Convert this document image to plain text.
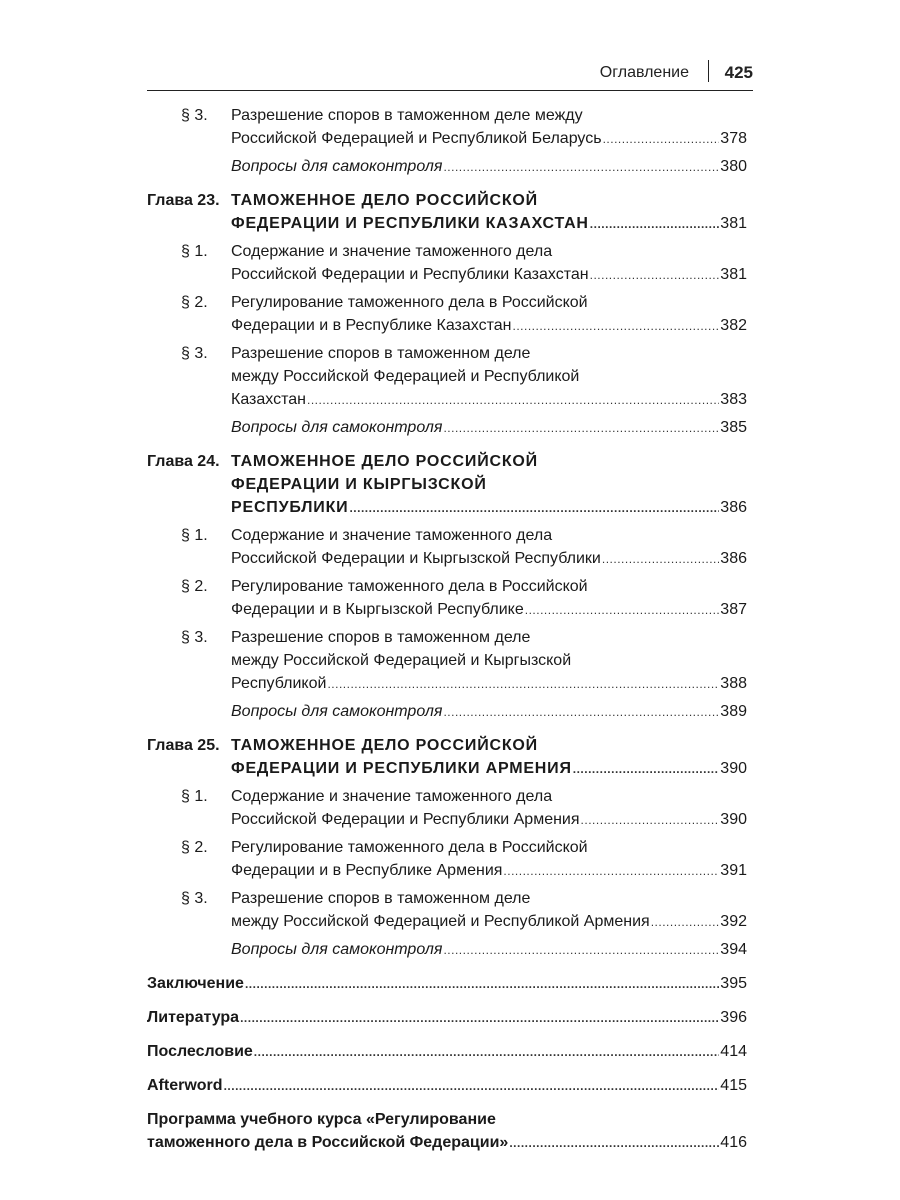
Оглавление 425
§ 3.	Разрешение споров в таможенном деле между
Российской Федерацией и Республикой Беларусь .....	378
Вопросы для самоконтроля .....	380
Глава 23. ТАМОЖЕННОЕ ДЕЛО РОССИЙСКОЙ
ФЕДЕРАЦИИ И РЕСПУБЛИКИ КАЗАХСТАН .....	381
§ 1.	Содержание и значение таможенного дела
Российской Федерации и Республики Казахстан .....	381
§ 2.	Регулирование таможенного дела в Российской
Федерации и в Республике Казахстан .....	382
§ 3.	Разрешение споров в таможенном деле
между Российской Федерацией и Республикой
Казахстан .....	383
Вопросы для самоконтроля .....	385
Глава 24. ТАМОЖЕННОЕ ДЕЛО РОССИЙСКОЙ
ФЕДЕРАЦИИ И КЫРГЫЗСКОЙ
РЕСПУБЛИКИ .....	386
§ 1.	Содержание и значение таможенного дела
Российской Федерации и Кыргызской Республики .....	386
§ 2.	Регулирование таможенного дела в Российской
Федерации и в Кыргызской Республике .....	387
§ 3.	Разрешение споров в таможенном деле
между Российской Федерацией и Кыргызской
Республикой .....	388
Вопросы для самоконтроля .....	389
Глава 25. ТАМОЖЕННОЕ ДЕЛО РОССИЙСКОЙ
ФЕДЕРАЦИИ И РЕСПУБЛИКИ АРМЕНИЯ .....	390
§ 1.	Содержание и значение таможенного дела
Российской Федерации и Республики Армения .....	390
§ 2.	Регулирование таможенного дела в Российской
Федерации и в Республике Армения .....	391
§ 3.	Разрешение споров в таможенном деле
между Российской Федерацией и Республикой Армения .....	392
Вопросы для самоконтроля .....	394
Заключение .....	395
Литература .....	396
Послесловие .....	414
Afterword .....	415
Программа учебного курса «Регулирование
таможенного дела в Российской Федерации» .....	416
